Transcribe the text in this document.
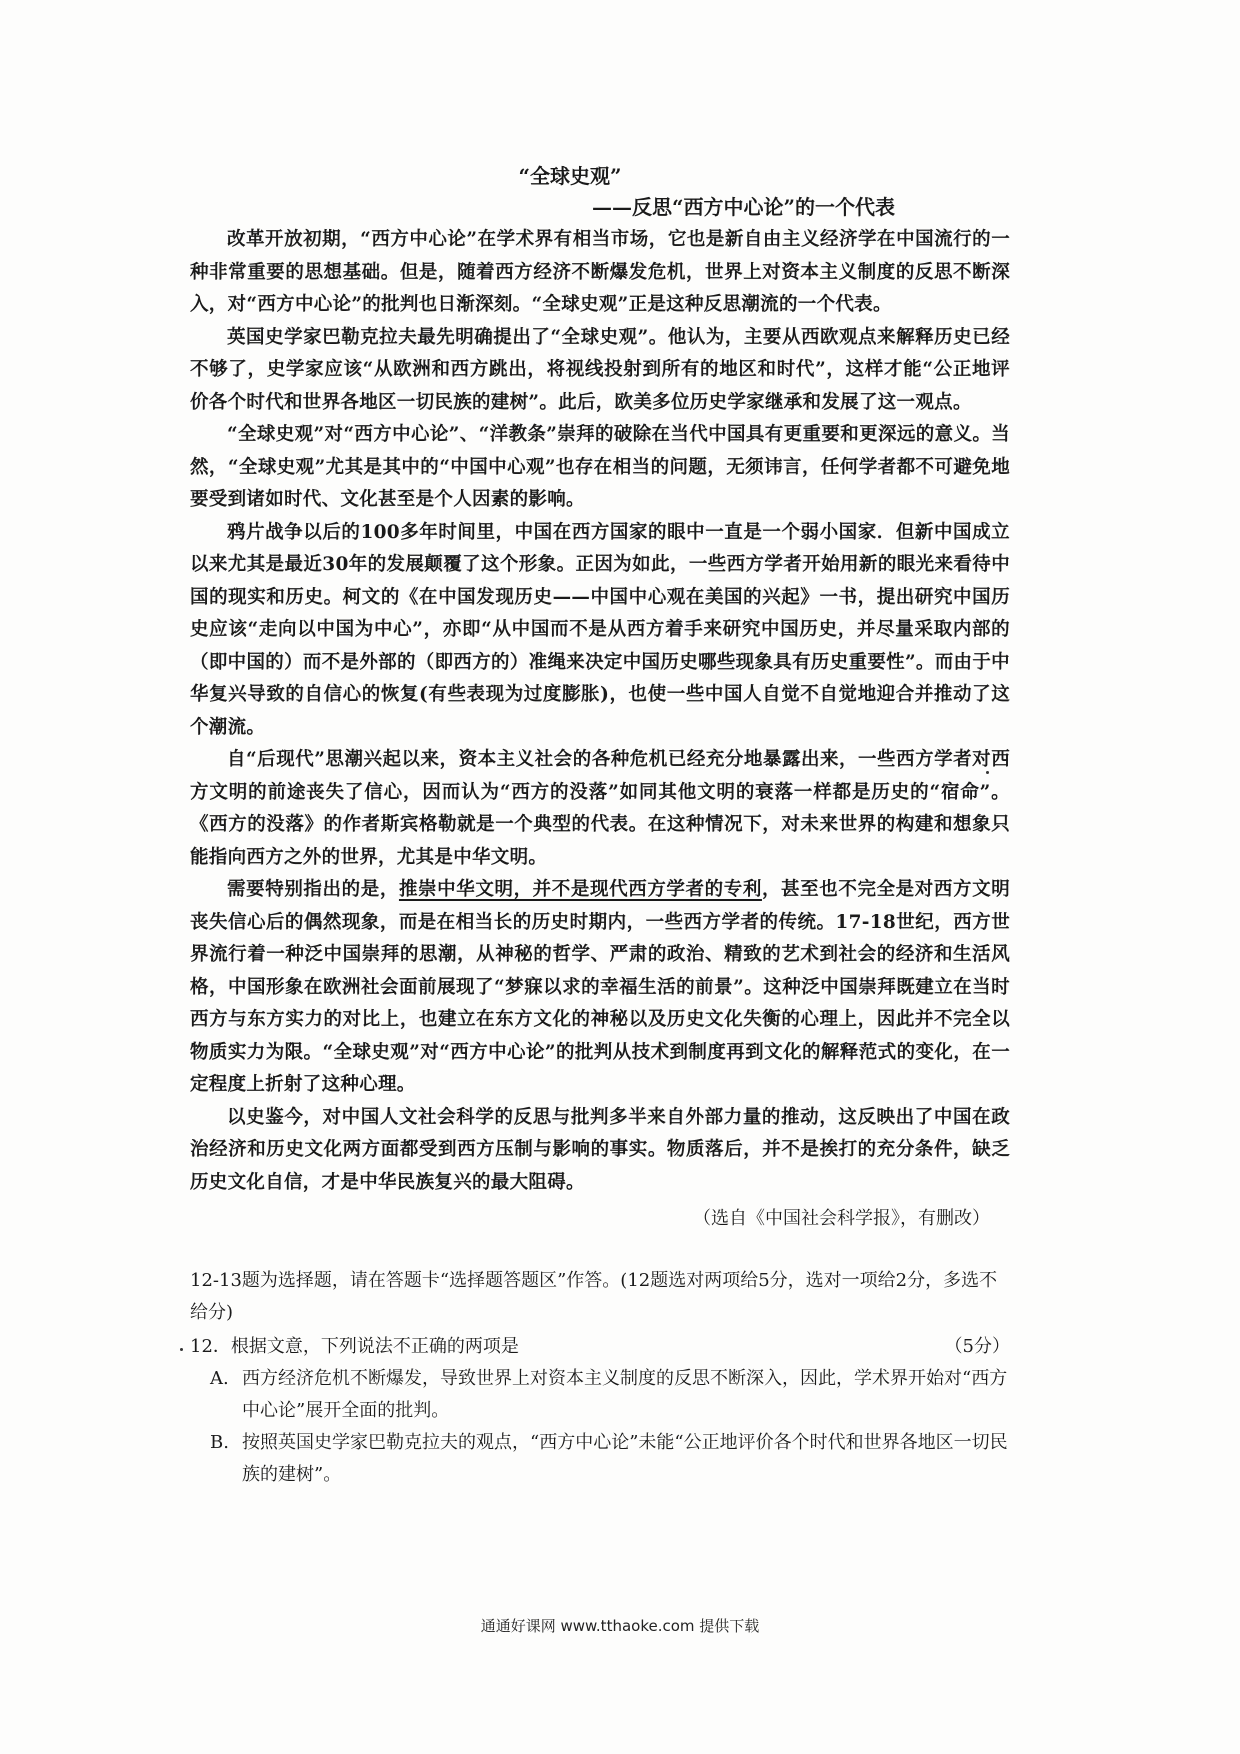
“全球史观”
——反思“西方中心论”的一个代表

改革开放初期，“西方中心论”在学术界有相当市场，它也是新自由主义经济学在中国流行的一种非常重要的思想基础。但是，随着西方经济不断爆发危机，世界上对资本主义制度的反思不断深入，对“西方中心论”的批判也日渐深刻。“全球史观”正是这种反思潮流的一个代表。

英国史学家巴勒克拉夫最先明确提出了“全球史观”。他认为，主要从西欧观点来解释历史已经不够了，史学家应该“从欧洲和西方跳出，将视线投射到所有的地区和时代”，这样才能“公正地评价各个时代和世界各地区一切民族的建树”。此后，欧美多位历史学家继承和发展了这一观点。

“全球史观”对“西方中心论”、“洋教条”崇拜的破除在当代中国具有更重要和更深远的意义。当然，“全球史观”尤其是其中的“中国中心观”也存在相当的问题，无须讳言，任何学者都不可避免地要受到诸如时代、文化甚至是个人因素的影响。

鸦片战争以后的100多年时间里，中国在西方国家的眼中一直是一个弱小国家．但新中国成立以来尤其是最近30年的发展颠覆了这个形象。正因为如此，一些西方学者开始用新的眼光来看待中国的现实和历史。柯文的《在中国发现历史——中国中心观在美国的兴起》一书，提出研究中国历史应该“走向以中国为中心”，亦即“从中国而不是从西方着手来研究中国历史，并尽量采取内部的（即中国的）而不是外部的（即西方的）准绳来决定中国历史哪些现象具有历史重要性”。而由于中华复兴导致的自信心的恢复(有些表现为过度膨胀)，也使一些中国人自觉不自觉地迎合并推动了这个潮流。

自“后现代”思潮兴起以来，资本主义社会的各种危机已经充分地暴露出来，一些西方学者对西方文明的前途丧失了信心，因而认为“西方的没落”如同其他文明的衰落一样都是历史的“宿命”。《西方的没落》的作者斯宾格勒就是一个典型的代表。在这种情况下，对未来世界的构建和想象只能指向西方之外的世界，尤其是中华文明。

需要特别指出的是，推崇中华文明，并不是现代西方学者的专利，甚至也不完全是对西方文明丧失信心后的偶然现象，而是在相当长的历史时期内，一些西方学者的传统。17-18世纪，西方世界流行着一种泛中国崇拜的思潮，从神秘的哲学、严肃的政治、精致的艺术到社会的经济和生活风格，中国形象在欧洲社会面前展现了“梦寐以求的幸福生活的前景”。这种泛中国崇拜既建立在当时西方与东方实力的对比上，也建立在东方文化的神秘以及历史文化失衡的心理上，因此并不完全以物质实力为限。“全球史观”对“西方中心论”的批判从技术到制度再到文化的解释范式的变化，在一定程度上折射了这种心理。

以史鉴今，对中国人文社会科学的反思与批判多半来自外部力量的推动，这反映出了中国在政治经济和历史文化两方面都受到西方压制与影响的事实。物质落后，并不是挨打的充分条件，缺乏历史文化自信，才是中华民族复兴的最大阻碍。

（选自《中国社会科学报》，有删改）

12-13题为选择题，请在答题卡“选择题答题区”作答。(12题选对两项给5分，选对一项给2分，多选不给分)

12．根据文意，下列说法不正确的两项是	（5分）
A. 西方经济危机不断爆发，导致世界上对资本主义制度的反思不断深入，因此，学术界开始对“西方中心论”展开全面的批判。
B. 按照英国史学家巴勒克拉夫的观点，“西方中心论”未能“公正地评价各个时代和世界各地区一切民族的建树”。
通通好课网 www.tthaoke.com 提供下载
